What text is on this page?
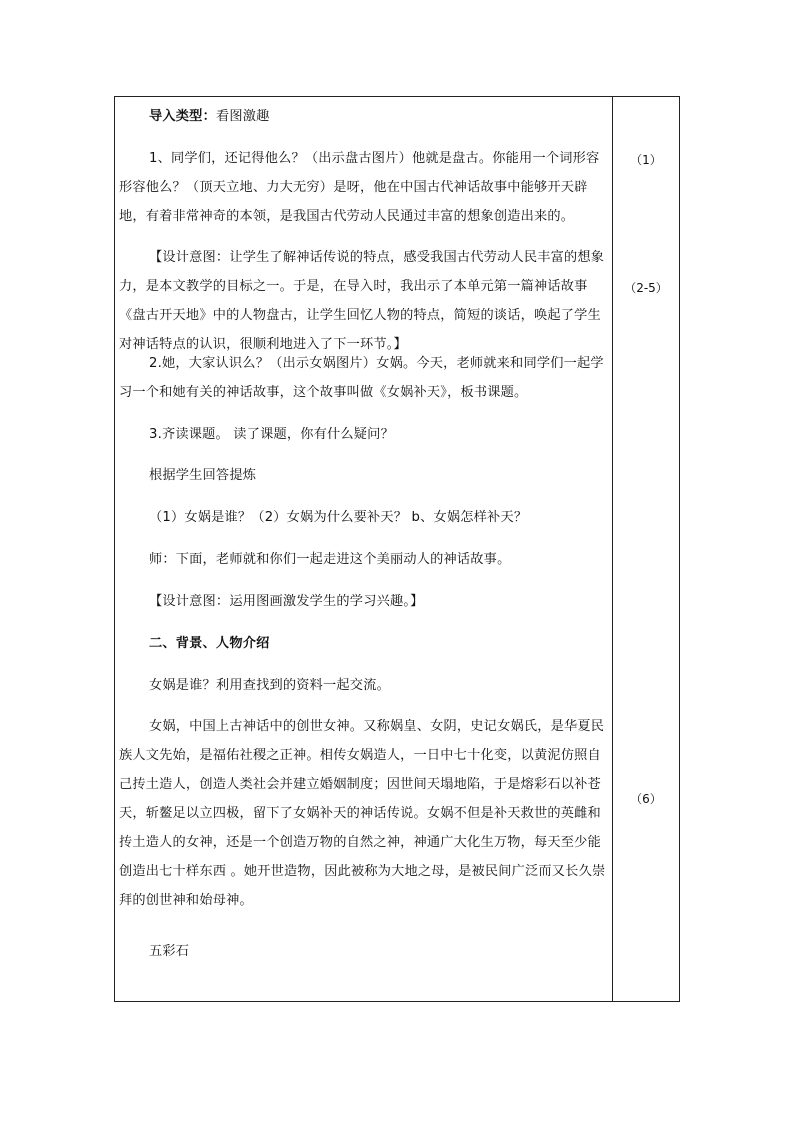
导入类型：看图激趣

1、同学们，还记得他么？（出示盘古图片）他就是盘古。你能用一个词形容形容他么？（顶天立地、力大无穷）是呀，他在中国古代神话故事中能够开天辟地，有着非常神奇的本领，是我国古代劳动人民通过丰富的想象创造出来的。

【设计意图：让学生了解神话传说的特点，感受我国古代劳动人民丰富的想象力，是本文教学的目标之一。于是，在导入时，我出示了本单元第一篇神话故事《盘古开天地》中的人物盘古，让学生回忆人物的特点，简短的谈话，唤起了学生对神话特点的认识，很顺利地进入了下一环节。】

2.她，大家认识么？（出示女娲图片）女娲。今天，老师就来和同学们一起学习一个和她有关的神话故事，这个故事叫做《女娲补天》，板书课题。

3.齐读课题。 读了课题，你有什么疑问？

根据学生回答提炼

（1）女娲是谁？（2）女娲为什么要补天？ b、女娲怎样补天？

师：下面，老师就和你们一起走进这个美丽动人的神话故事。

【设计意图：运用图画激发学生的学习兴趣。】

二、背景、人物介绍

女娲是谁？利用查找到的资料一起交流。

女娲，中国上古神话中的创世女神。又称娲皇、女阴，史记女娲氏，是华夏民族人文先始，是福佑社稷之正神。相传女娲造人，一日中七十化变，以黄泥仿照自己抟土造人，创造人类社会并建立婚姻制度；因世间天塌地陷，于是熔彩石以补苍天，斩鳌足以立四极，留下了女娲补天的神话传说。女娲不但是补天救世的英雌和抟土造人的女神，还是一个创造万物的自然之神，神通广大化生万物，每天至少能创造出七十样东西 。她开世造物，因此被称为大地之母，是被民间广泛而又长久崇拜的创世神和始母神。

五彩石

（1）
（2-5）
（6）
